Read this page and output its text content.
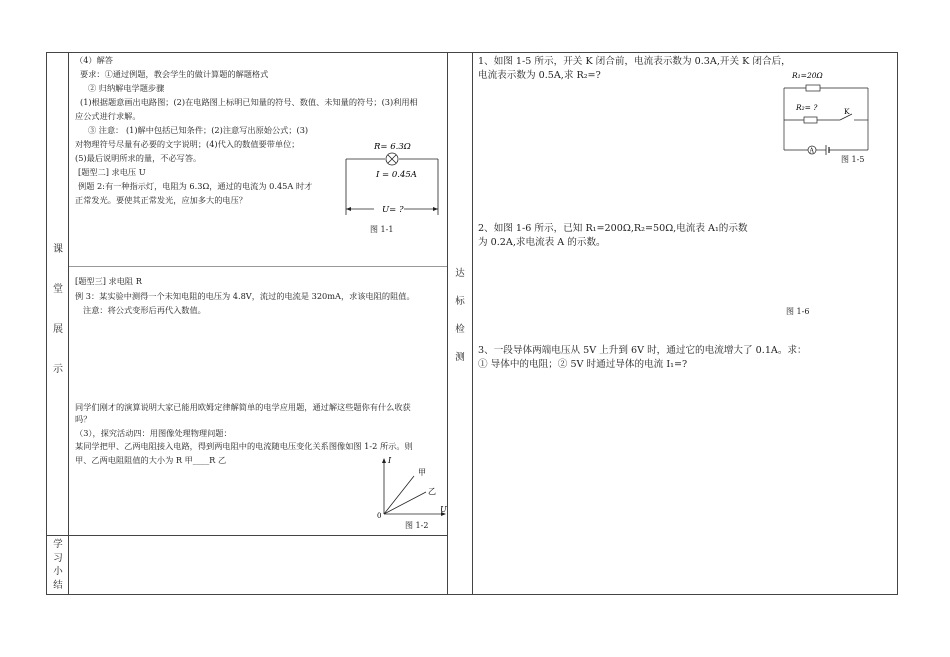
课
堂
展
示
学
习
小
结
达
标
检
测
（4）解答
要求：①通过例题，教会学生的做计算题的解题格式
② 归纳解电学题步骤
(1)根据题意画出电路图；(2)在电路图上标明已知量的符号、数值、未知量的符号；(3)利用相
应公式进行求解。
③ 注意： (1)解中包括已知条件；(2)注意写出原始公式；(3)
对物理符号尽量有必要的文字说明；(4)代入的数值要带单位；
(5)最后说明所求的量，不必写答。
[题型二] 求电压 U
例题 2:有一种指示灯，电阻为 6.3Ω，通过的电流为 0.45A 时才
正常发光。要使其正常发光，应加多大的电压？
[题型三] 求电阻 R
例 3：某实验中测得一个未知电阻的电压为 4.8V，流过的电流是 320mA，求该电阻的阻值。
注意：将公式变形后再代入数值。
同学们刚才的演算说明大家已能用欧姆定律解简单的电学应用题，通过解这些题你有什么收获
吗？
（3），探究活动四：用图像处理物理问题：
某同学把甲、乙两电阻接入电路，得到两电阻中的电流随电压变化关系图像如图 1-2 所示。则
甲、乙两电阻阻值的大小为 R 甲____R 乙
R= 6.3Ω
I = 0.45A
U= ?
图 1-1
I
U
0
甲
乙
图 1-2
1、如图 1-5 所示，开关 K 闭合前，电流表示数为 0.3A,开关 K 闭合后，
电流表示数为 0.5A,求 R₂=?	R₁=20Ω
R₂= ?	K
A
图 1-5
2、如图 1-6 所示，已知 R₁=200Ω,R₂=50Ω,电流表 A₁的示数
为 0.2A,求电流表 A 的示数。
图 1-6
3、一段导体两端电压从 5V 上升到 6V 时，通过它的电流增大了 0.1A。求：
① 导体中的电阻；② 5V 时通过导体的电流 I₁=?
